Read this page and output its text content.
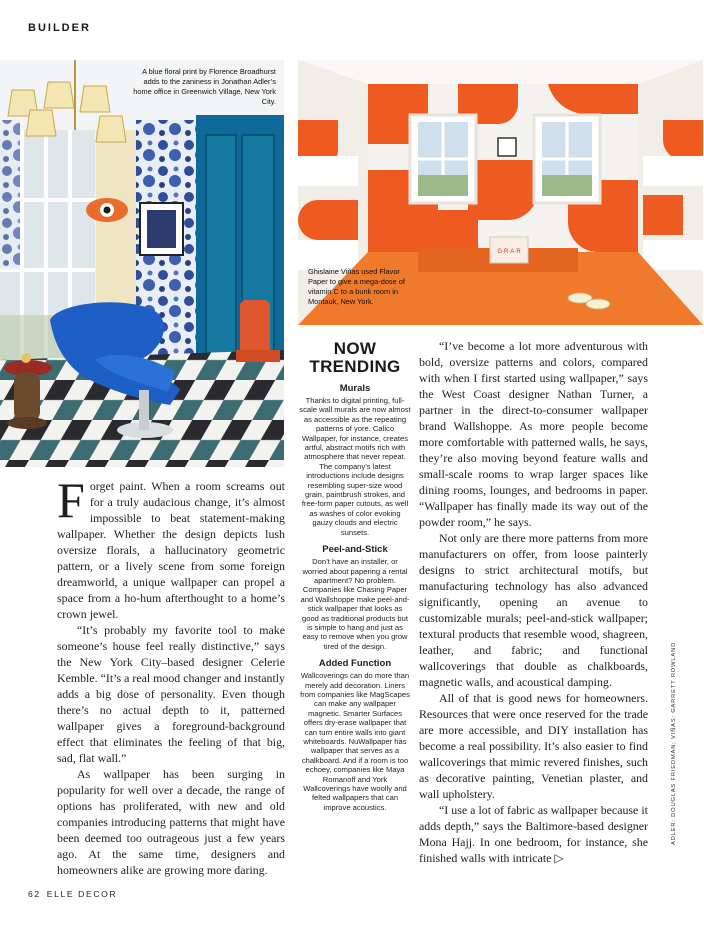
BUILDER
A blue floral print by Florence Broadhurst adds to the zaniness in Jonathan Adler’s home office in Greenwich Village, New York City.
G·R·A·R
Ghislaine Viñas used Flavor Paper to give a mega-dose of vitamin C to a bunk room in Montauk, New York.

Forget paint. When a room screams out for a truly audacious change, it’s almost impossible to beat statement-making wallpaper. Whether the design depicts lush oversize florals, a hallucinatory geometric pattern, or a lively scene from some foreign dreamworld, a unique wallpaper can propel a space from a ho-hum afterthought to a home’s crown jewel.

“It’s probably my favorite tool to make someone’s house feel really distinctive,” says the New York City–based designer Celerie Kemble. “It’s a real mood changer and instantly adds a big dose of personality. Even though there’s no actual depth to it, patterned wallpaper gives a foreground-background effect that eliminates the feeling of that big, sad, flat wall.”

As wallpaper has been surging in popularity for well over a decade, the range of options has proliferated, with new and old companies introducing patterns that might have been deemed too outrageous just a few years ago. At the same time, designers and homeowners alike are growing more daring.

NOW
TRENDING
Murals
Thanks to digital printing, full-scale wall murals are now almost as accessible as the repeating patterns of yore. Calico Wallpaper, for instance, creates artful, abstract motifs rich with atmosphere that never repeat. The company’s latest introductions include designs resembling super-size wood grain, paintbrush strokes, and free-form paper cutouts, as well as washes of color evoking gauzy clouds and electric sunsets.
Peel-and-Stick
Don’t have an installer, or worried about papering a rental apartment? No problem. Companies like Chasing Paper and Wallshoppe make peel-and-stick wallpaper that looks as good as traditional products but is simple to hang and just as easy to remove when you grow tired of the design.
Added Function
Wallcoverings can do more than merely add decoration. Liners from companies like MagScapes can make any wallpaper magnetic. Smarter Surfaces offers dry-erase wallpaper that can turn entire walls into giant whiteboards. NuWallpaper has wallpaper that serves as a chalkboard. And if a room is too echoey, companies like Maya Romanoff and York Wallcoverings have woolly and felted wallpapers that can improve acoustics.

“I’ve become a lot more adventurous with bold, oversize patterns and colors, compared with when I first started using wallpaper,” says the West Coast designer Nathan Turner, a partner in the direct-to-consumer wallpaper brand Wallshoppe. As more people become more comfortable with patterned walls, he says, they’re also moving beyond feature walls and small-scale rooms to wrap larger spaces like dining rooms, lounges, and bedrooms in paper. “Wallpaper has finally made its way out of the powder room,” he says.

Not only are there more patterns from more manufacturers on offer, from loose painterly designs to strict architectural motifs, but manufacturing technology has also advanced significantly, opening an avenue to customizable murals; peel-and-stick wallpaper; textural products that resemble wood, shagreen, leather, and fabric; and functional wallcoverings that double as chalkboards, magnetic walls, and acoustical damping.

All of that is good news for homeowners. Resources that were once reserved for the trade are more accessible, and DIY installation has become a real possibility. It’s also easier to find wallcoverings that mimic revered finishes, such as decorative painting, Venetian plaster, and wall upholstery.

“I use a lot of fabric as wallpaper because it adds depth,” says the Baltimore-based designer Mona Hajj. In one bedroom, for instance, she finished walls with intricate ▷

ADLER: DOUGLAS FRIEDMAN; VIÑAS: GARRETT ROWLAND
62 ELLE DECOR
